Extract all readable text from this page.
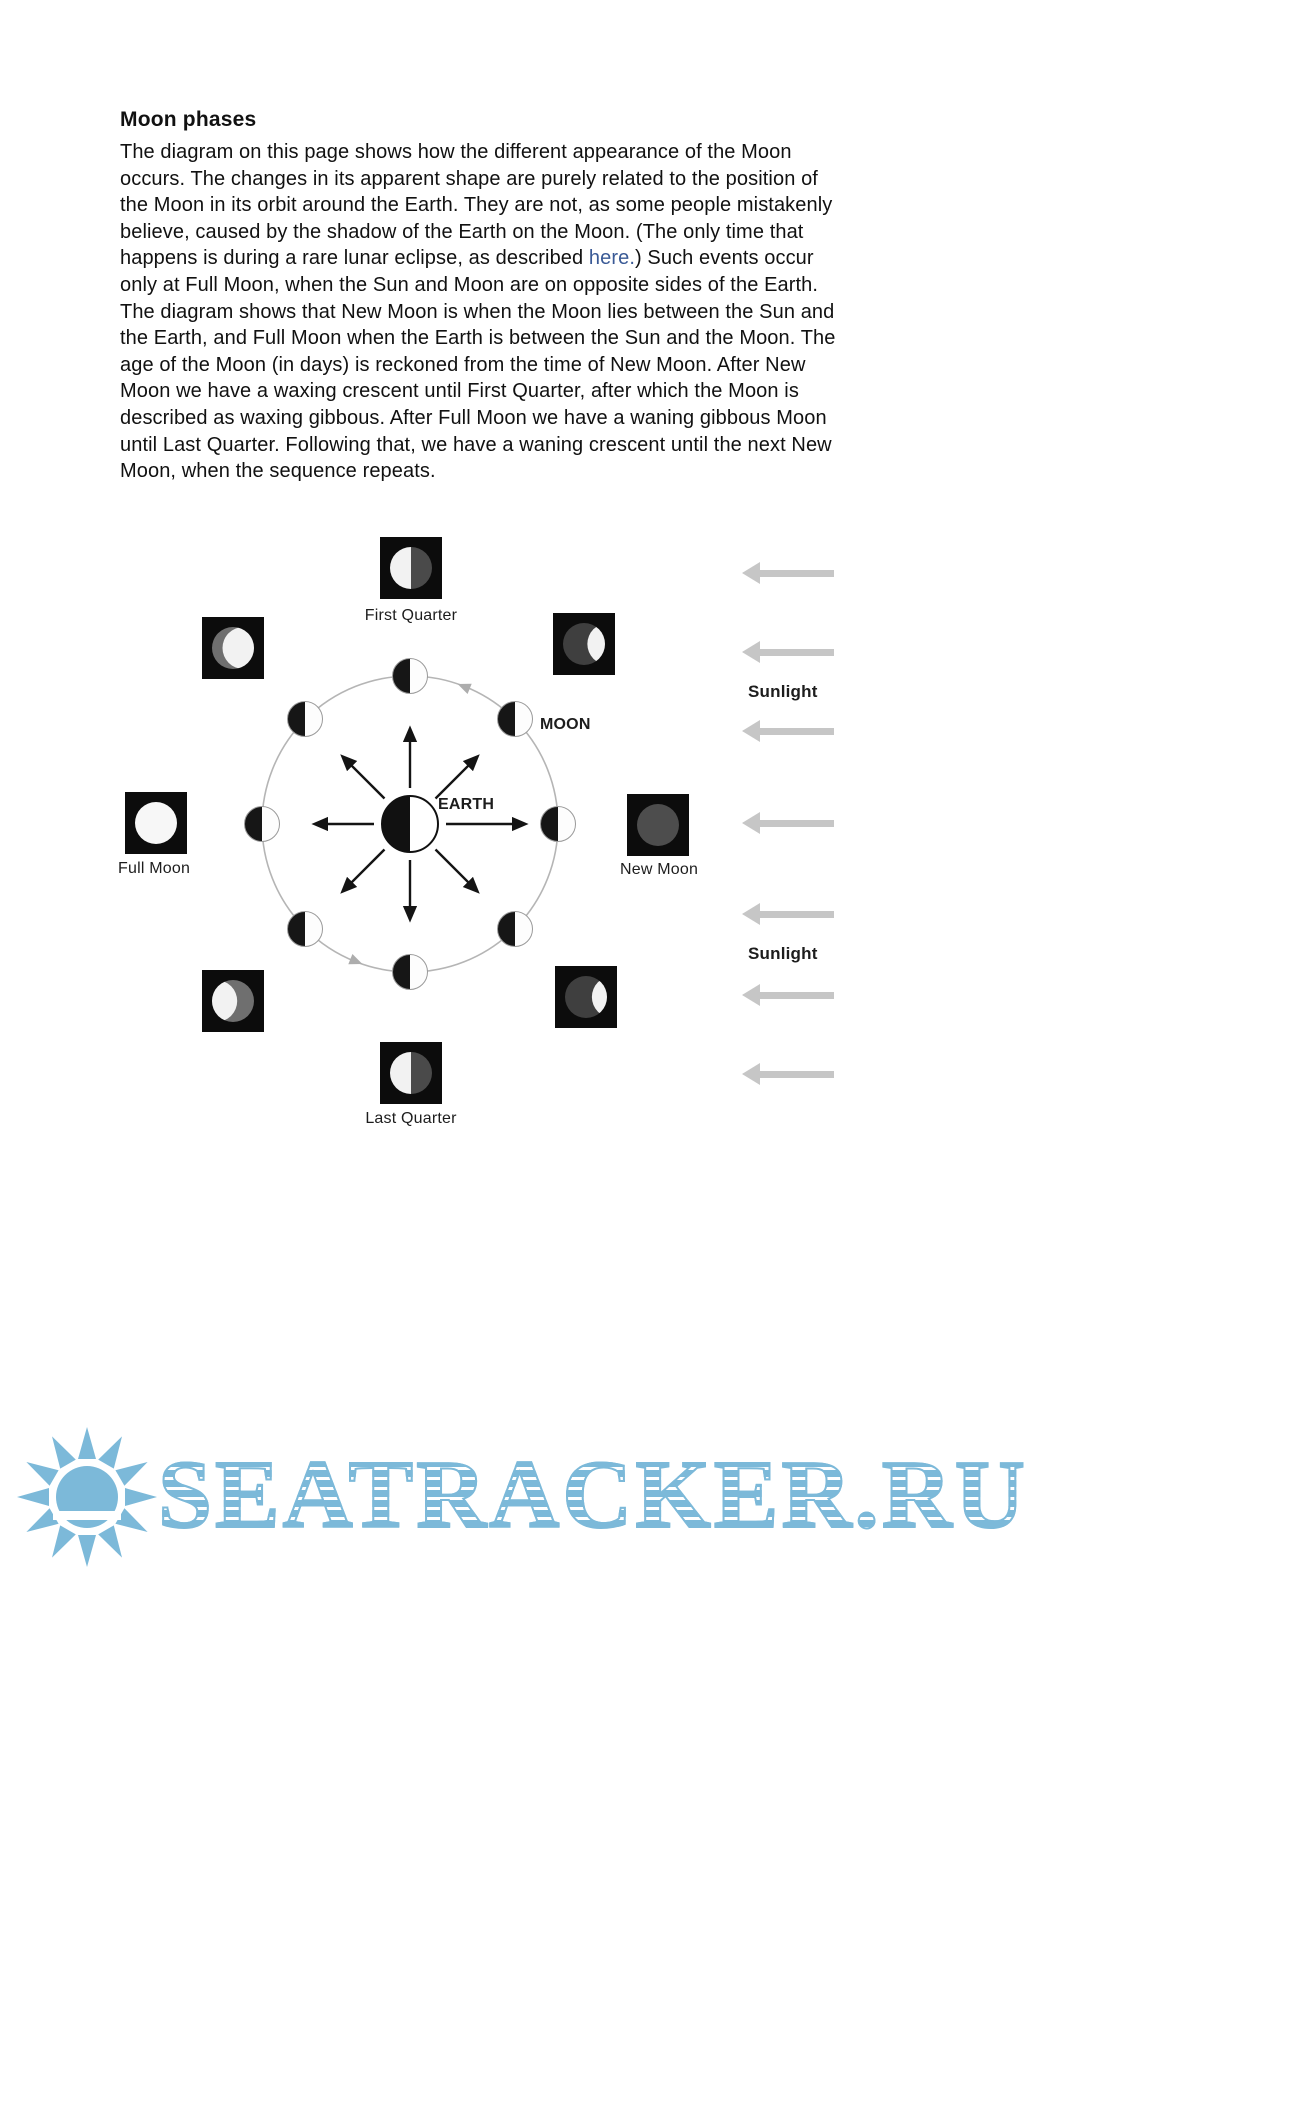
Moon phases

The diagram on this page shows how the different appearance of the Moon occurs. The changes in its apparent shape are purely related to the position of the Moon in its orbit around the Earth. They are not, as some people mistakenly believe, caused by the shadow of the Earth on the Moon. (The only time that happens is during a rare lunar eclipse, as described here.) Such events occur only at Full Moon, when the Sun and Moon are on opposite sides of the Earth. The diagram shows that New Moon is when the Moon lies between the Sun and the Earth, and Full Moon when the Earth is between the Sun and the Moon. The age of the Moon (in days) is reckoned from the time of New Moon. After New Moon we have a waxing crescent until First Quarter, after which the Moon is described as waxing gibbous. After Full Moon we have a waning gibbous Moon until Last Quarter. Following that, we have a waning crescent until the next New Moon, when the sequence repeats.

EARTH
MOON
First Quarter
Full Moon	New Moon
Last Quarter
Sunlight
Sunlight
SEATRACKER.RU
